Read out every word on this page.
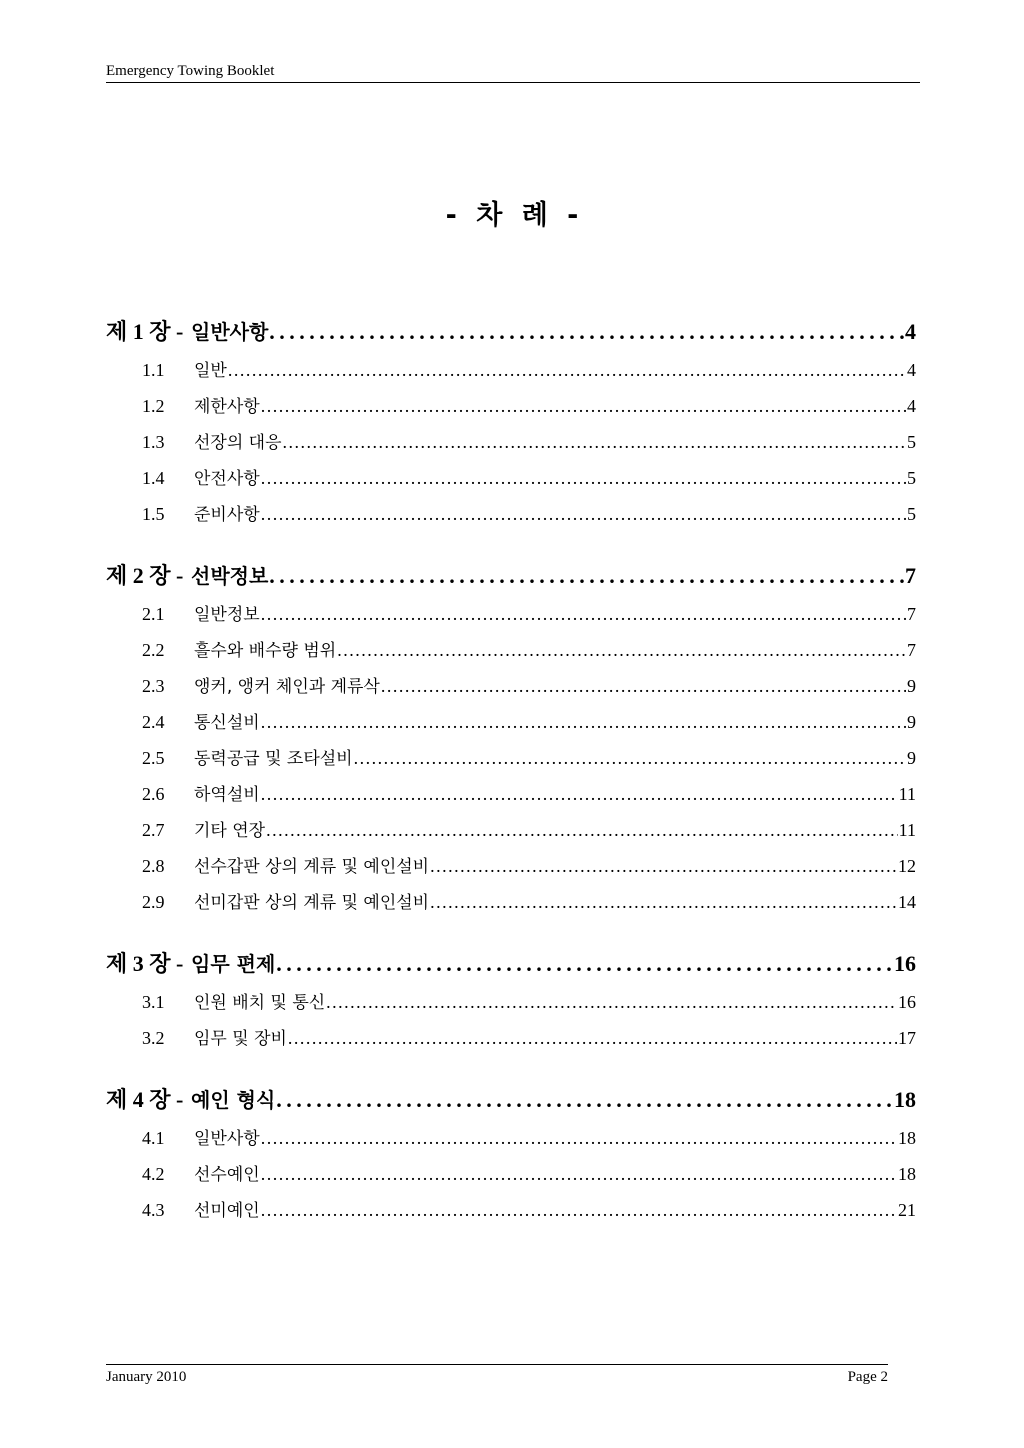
Emergency Towing Booklet
- 차 례 -
제 1 장 - 일반사항 . . .	4
1.1	일반 . . .	4
1.2	제한사항 . . .	4
1.3	선장의 대응 . . .	5
1.4	안전사항 . . .	5
1.5	준비사항 . . .	5
제 2 장 - 선박정보 . . .	7
2.1	일반정보 . . .	7
2.2	흘수와 배수량 범위 . . .	7
2.3	앵커, 앵커 체인과 계류삭 . . .	9
2.4	통신설비 . . .	9
2.5	동력공급 및 조타설비 . . .	9
2.6	하역설비 . . .	11
2.7	기타 연장 . . .	11
2.8	선수갑판 상의 계류 및 예인설비 . . .	12
2.9	선미갑판 상의 계류 및 예인설비 . . .	14
제 3 장 - 임무 편제 . . .	16
3.1	인원 배치 및 통신 . . .	16
3.2	임무 및 장비 . . .	17
제 4 장 - 예인 형식 . . .	18
4.1	일반사항 . . .	18
4.2	선수예인 . . .	18
4.3	선미예인 . . .	21
January 2010	Page 2
